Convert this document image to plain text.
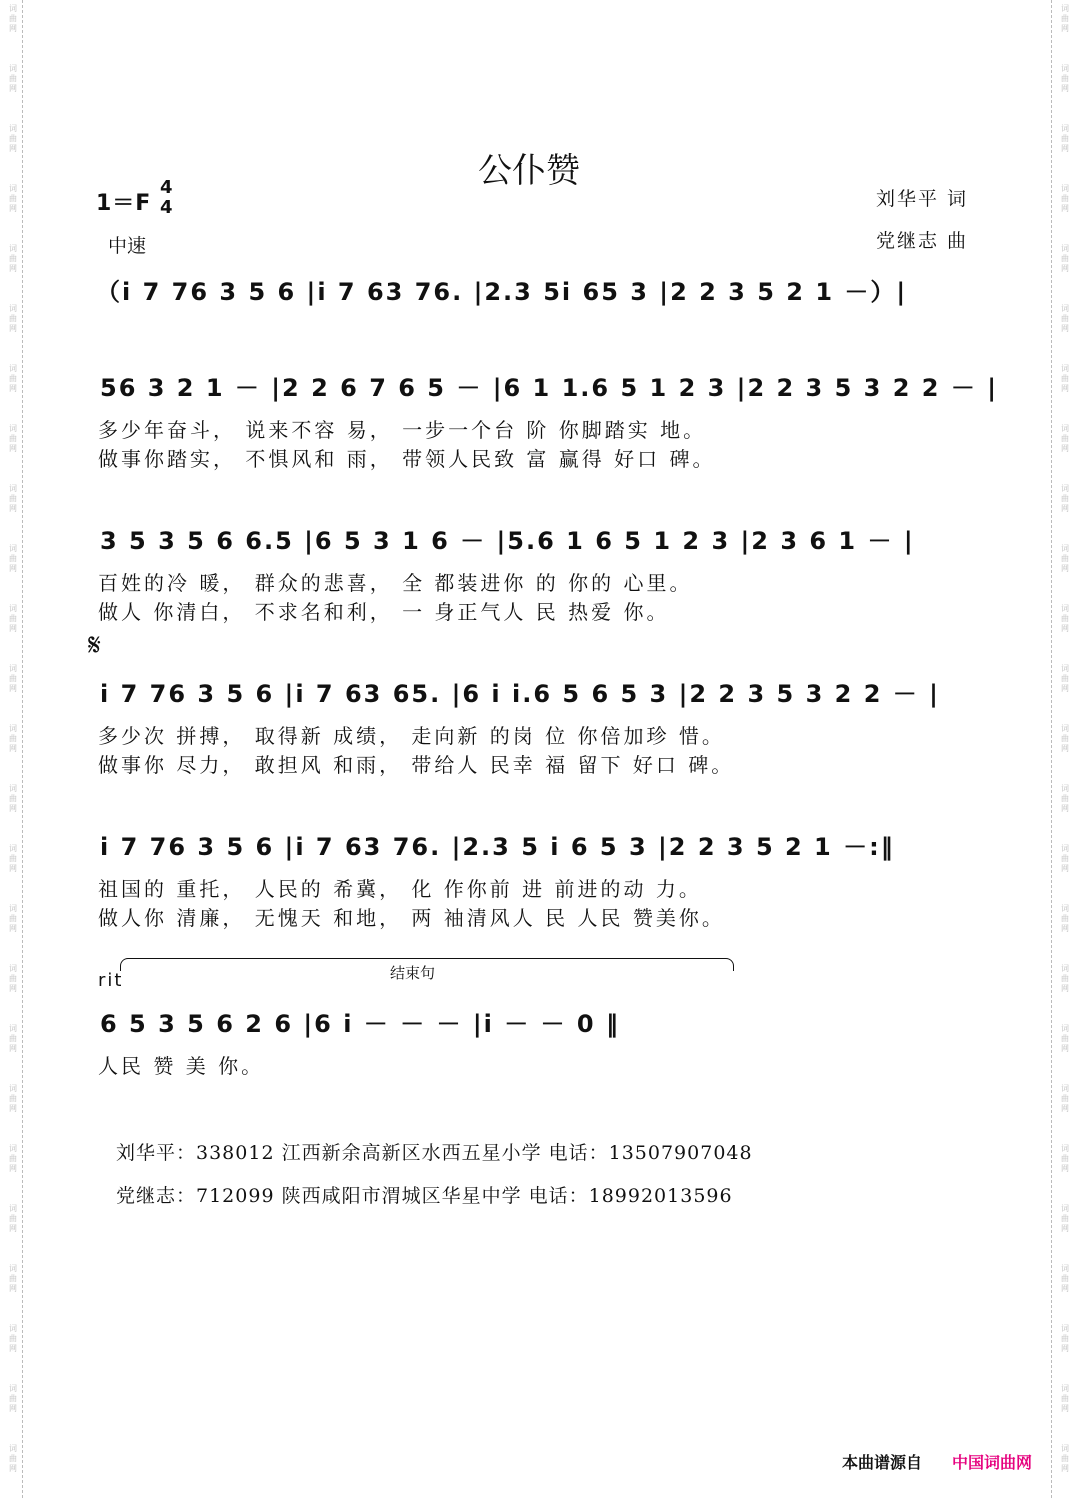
词
曲
网
词
曲
网
词
曲
网
词
曲
网
词
曲
网
词
曲
网
词
曲
网
词
曲
网
词
曲
网
词
曲
网
词
曲
网
词
曲
网
词
曲
网
词
曲
网
词
曲
网
词
曲
网
词
曲
网
词
曲
网
词
曲
网
词
曲
网
词
曲
网
词
曲
网
词
曲
网
词
曲
网
词
曲
网
词
曲
网
词
曲
网
词
曲
网
词
曲
网
词
曲
网
词
曲
网
词
曲
网
词
曲
网
词
曲
网
词
曲
网
词
曲
网
词
曲
网
词
曲
网
词
曲
网
词
曲
网
词
曲
网
词
曲
网
词
曲
网
词
曲
网
词
曲
网
词
曲
网
词
曲
网
词
曲
网
词
曲
网
词
曲
网
公仆赞
1＝F
4
4
中速
刘华平 词
党继志 曲
（i 7 76 3 5 6 |i 7 63 76. |2.3 5i 65 3 |2 2 3 5 2 1 －）|
56 3 2 1 － |2 2 6 7 6 5 － |6 1 1.6 5 1 2 3 |2 2 3 5 3 2 2 － |
多少年奋斗， 说来不容 易， 一步一个台 阶 你脚踏实 地。
做事你踏实， 不惧风和 雨， 带领人民致 富 赢得 好口 碑。
3 5 3 5 6 6.5 |6 5 3 1 6 － |5.6 1 6 5 1 2 3 |2 3 6 1 － |
百姓的冷 暖， 群众的悲喜， 全 都装进你 的 你的 心里。
做人 你清白， 不求名和利， 一 身正气人 民 热爱 你。
𝄋
i 7 76 3 5 6 |i 7 63 65. |6 i i.6 5 6 5 3 |2 2 3 5 3 2 2 － |
多少次 拼搏， 取得新 成绩， 走向新 的岗 位 你倍加珍 惜。
做事你 尽力， 敢担风 和雨， 带给人 民幸 福 留下 好口 碑。
i 7 76 3 5 6 |i 7 63 76. |2.3 5 i 6 5 3 |2 2 3 5 2 1 －:‖
祖国的 重托， 人民的 希冀， 化 作你前 进 前进的动 力。
做人你 清廉， 无愧天 和地， 两 袖清风人 民 人民 赞美你。
rit	结束句
6 5 3 5 6 2 6 |6 i － － － |i － － 0 ‖
人民 赞 美 你。
刘华平：338012 江西新余高新区水西五星小学 电话：13507907048
党继志：712099 陕西咸阳市渭城区华星中学 电话：18992013596
本曲谱源自 中国词曲网
